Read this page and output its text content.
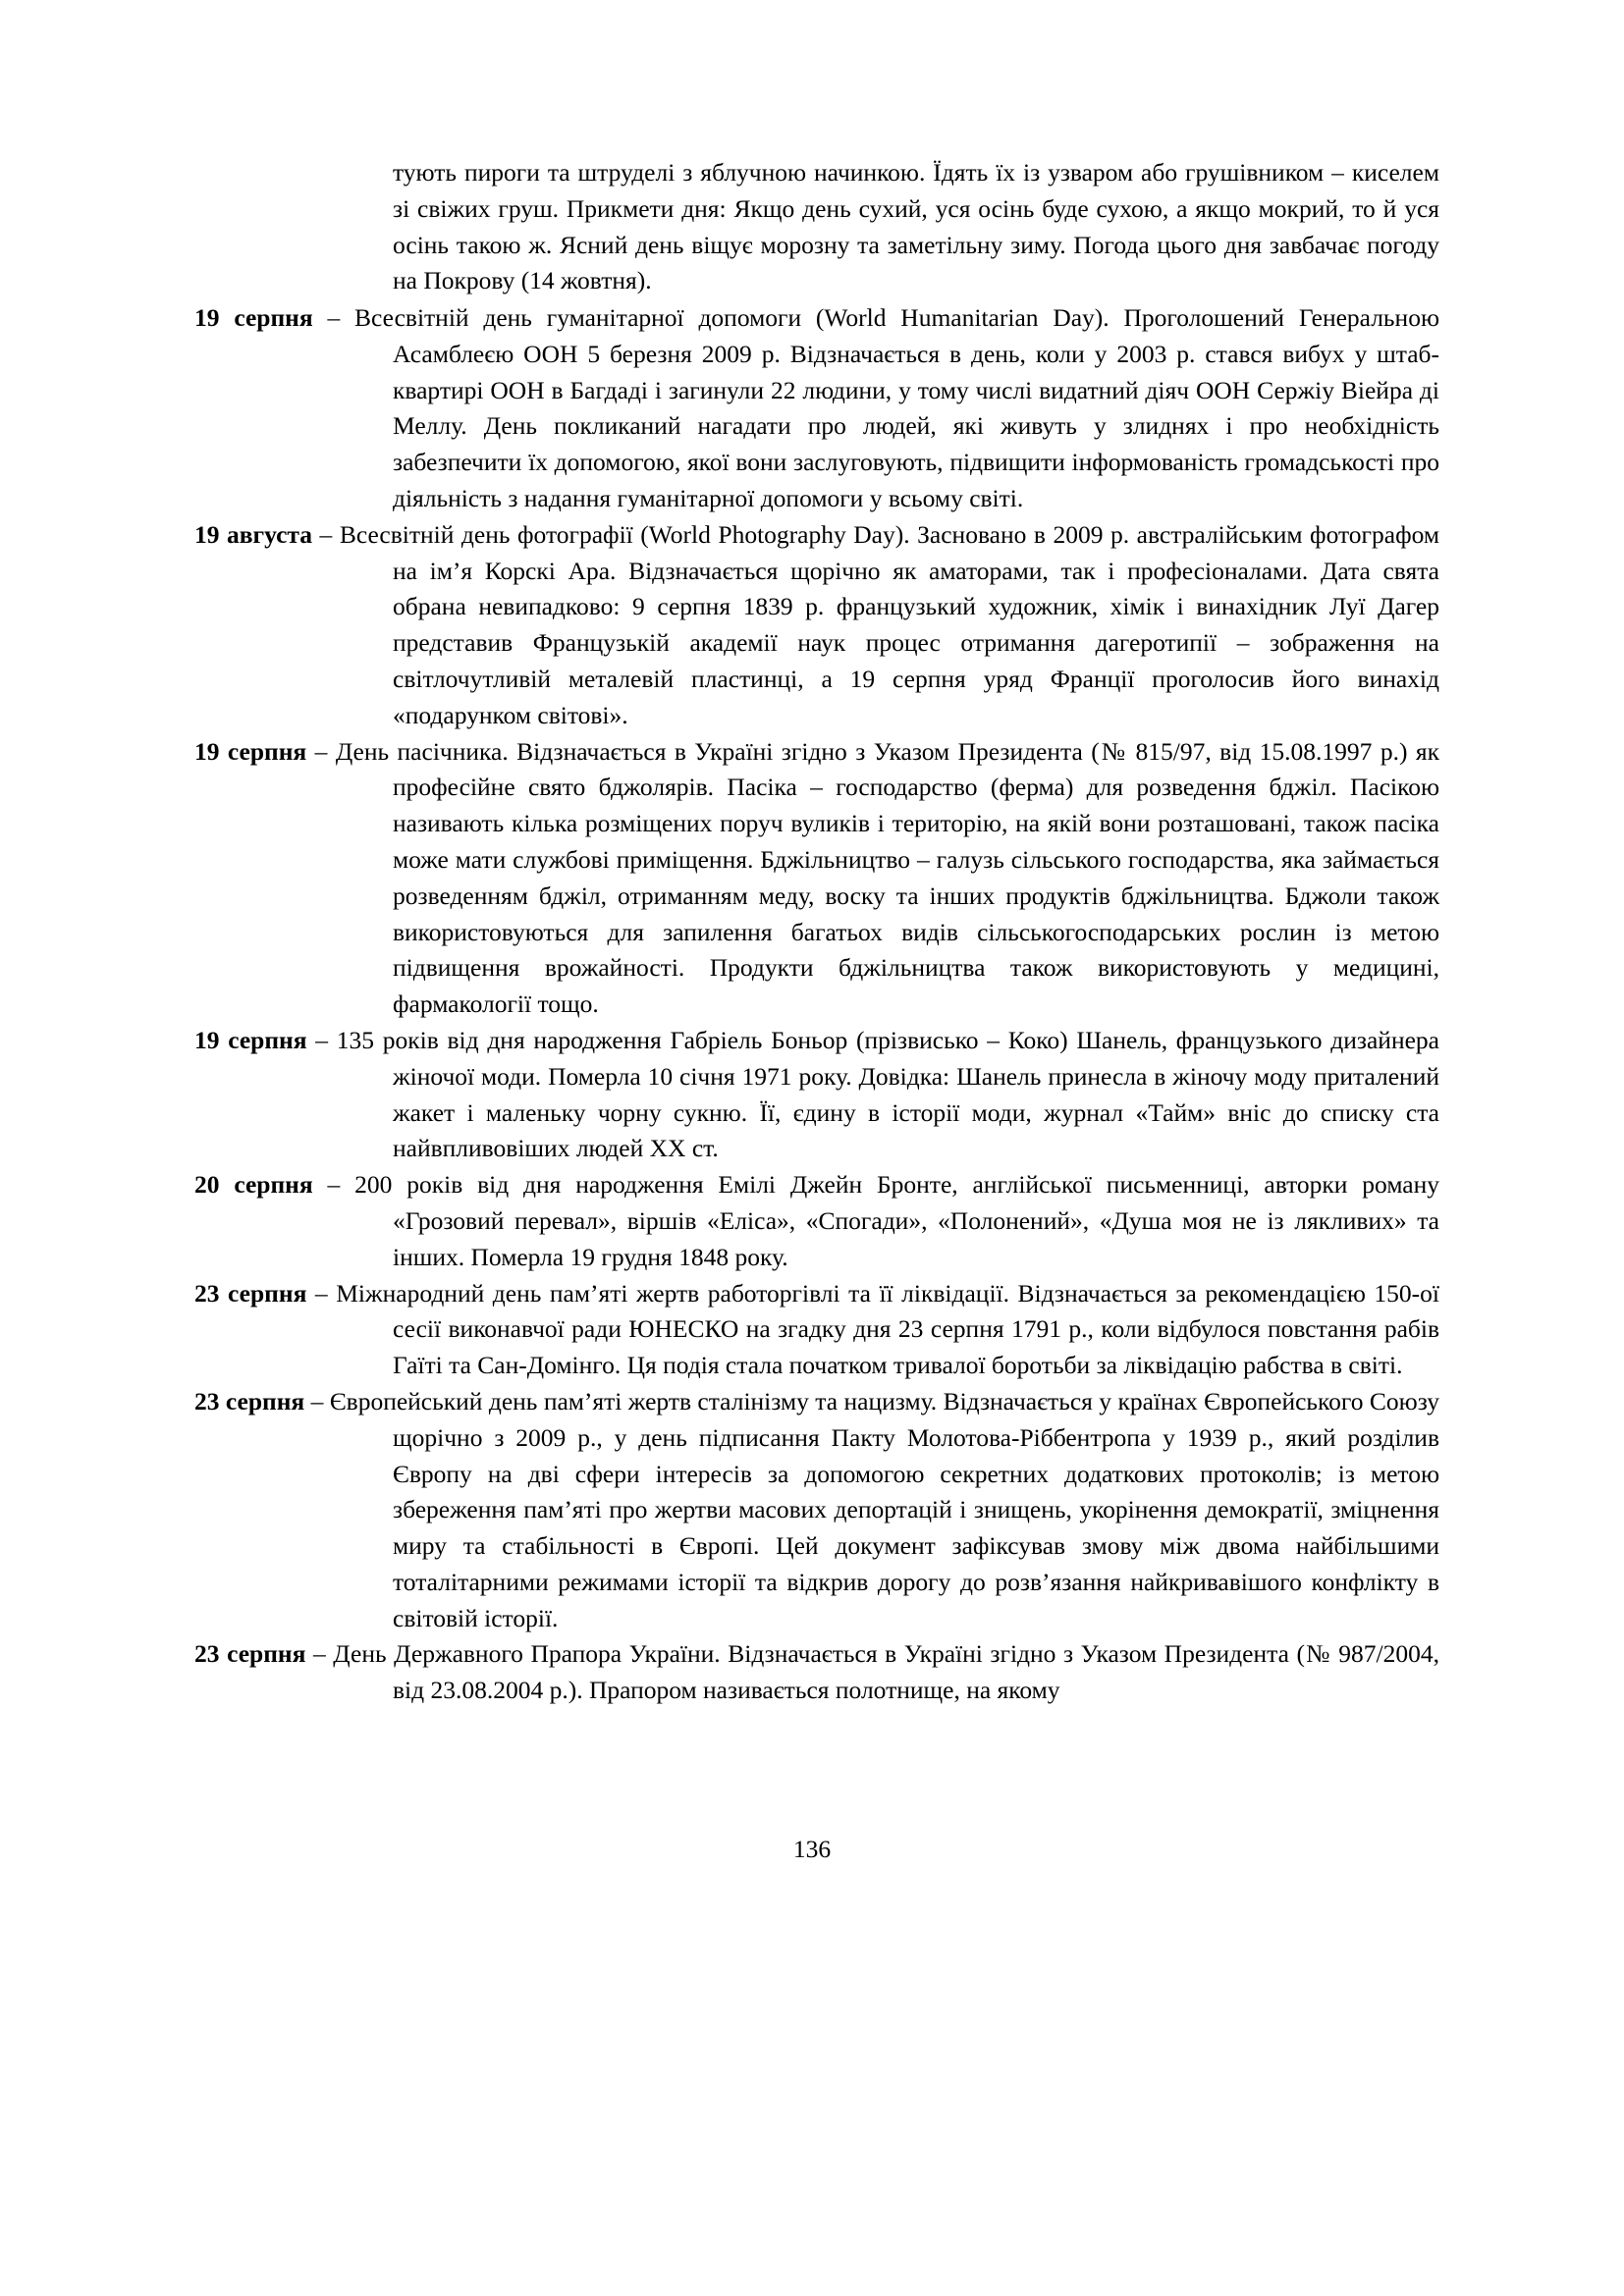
тують пироги та штруделі з яблучною начинкою. Їдять їх із узваром або грушівником – киселем зі свіжих груш. Прикмети дня: Якщо день сухий, уся осінь буде сухою, а якщо мокрий, то й уся осінь такою ж. Ясний день віщує морозну та заметільну зиму. Погода цього дня завбачає погоду на Покрову (14 жовтня).

19 серпня – Всесвітній день гуманітарної допомоги (World Humanitarian Day). Проголошений Генеральною Асамблеєю ООН 5 березня 2009 р. Відзначається в день, коли у 2003 р. стався вибух у штаб-квартирі ООН в Багдаді і загинули 22 людини, у тому числі видатний діяч ООН Сержіу Віейра ді Меллу. День покликаний нагадати про людей, які живуть у злиднях і про необхідність забезпечити їх допомогою, якої вони заслуговують, підвищити інформованість громадськості про діяльність з надання гуманітарної допомоги у всьому світі.

19 августа – Всесвітній день фотографії (World Photography Day). Засновано в 2009 р. австралійським фотографом на ім’я Корскі Ара. Відзначається щорічно як аматорами, так і професіоналами. Дата свята обрана невипадково: 9 серпня 1839 р. французький художник, хімік і винахідник Луї Дагер представив Французькій академії наук процес отримання дагеротипії – зображення на світлочутливій металевій пластинці, а 19 серпня уряд Франції проголосив його винахід «подарунком світові».

19 серпня – День пасічника. Відзначається в Україні згідно з Указом Президента (№ 815/97, від 15.08.1997 р.) як професійне свято бджолярів. Пасіка – господарство (ферма) для розведення бджіл. Пасікою називають кілька розміщених поруч вуликів і територію, на якій вони розташовані, також пасіка може мати службові приміщення. Бджільництво – галузь сільського господарства, яка займається розведенням бджіл, отриманням меду, воску та інших продуктів бджільництва. Бджоли також використовуються для запилення багатьох видів сільськогосподарських рослин із метою підвищення врожайності. Продукти бджільництва також використовують у медицині, фармакології тощо.

19 серпня – 135 років від дня народження Габріель Боньор (прізвисько – Коко) Шанель, французького дизайнера жіночої моди. Померла 10 січня 1971 року. Довідка: Шанель принесла в жіночу моду приталений жакет і маленьку чорну сукню. Її, єдину в історії моди, журнал «Тайм» вніс до списку ста найвпливовіших людей XX ст.

20 серпня – 200 років від дня народження Емілі Джейн Бронте, англійської письменниці, авторки роману «Грозовий перевал», віршів «Еліса», «Спогади», «Полонений», «Душа моя не із лякливих» та інших. Померла 19 грудня 1848 року.

23 серпня – Міжнародний день пам’яті жертв работоргівлі та її ліквідації. Відзначається за рекомендацією 150-ої сесії виконавчої ради ЮНЕСКО на згадку дня 23 серпня 1791 р., коли відбулося повстання рабів Гаїті та Сан-Домінго. Ця подія стала початком тривалої боротьби за ліквідацію рабства в світі.

23 серпня – Європейський день пам’яті жертв сталінізму та нацизму. Відзначається у країнах Європейського Союзу щорічно з 2009 р., у день підписання Пакту Молотова-Ріббентропа у 1939 р., який розділив Європу на дві сфери інтересів за допомогою секретних додаткових протоколів; із метою збереження пам’яті про жертви масових депортацій і знищень, укорінення демократії, зміцнення миру та стабільності в Європі. Цей документ зафіксував змову між двома найбільшими тоталітарними режимами історії та відкрив дорогу до розв’язання найкривавішого конфлікту в світовій історії.

23 серпня – День Державного Прапора України. Відзначається в Україні згідно з Указом Президента (№ 987/2004, від 23.08.2004 р.). Прапором називається полотнище, на якому

136
